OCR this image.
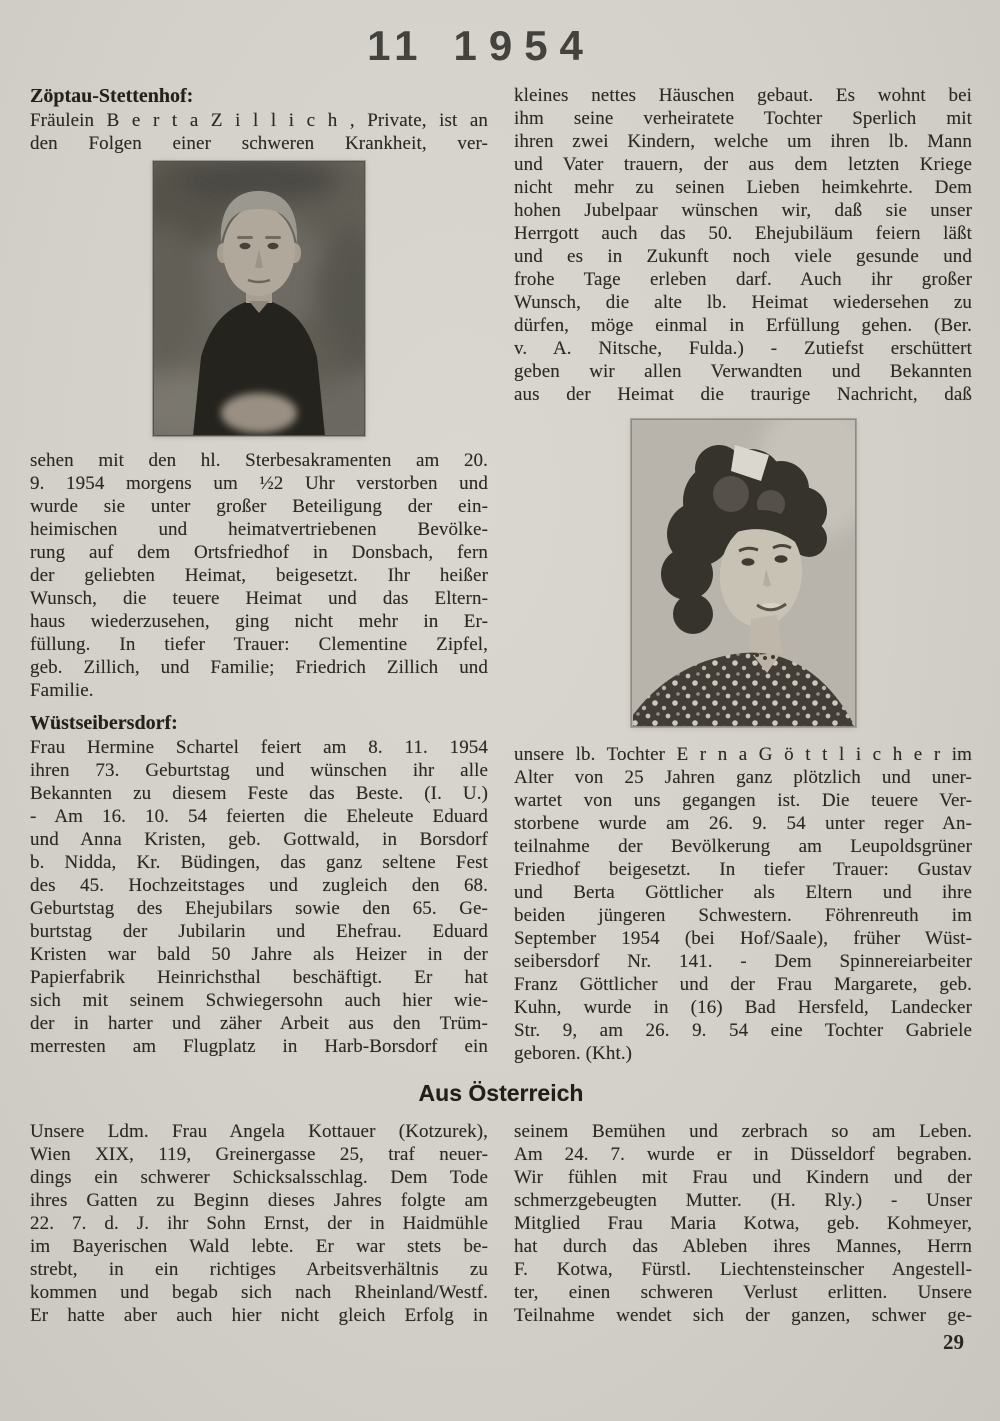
11 1954
Zöptau-Stettenhof:
Fräulein B e r t a Z i l l i c h , Private, ist an
den Folgen einer schweren Krankheit, ver-
sehen mit den hl. Sterbesakramenten am 20.
9. 1954 morgens um ½2 Uhr verstorben und
wurde sie unter großer Beteiligung der ein-
heimischen und heimatvertriebenen Bevölke-
rung auf dem Ortsfriedhof in Donsbach, fern
der geliebten Heimat, beigesetzt. Ihr heißer
Wunsch, die teuere Heimat und das Eltern-
haus wiederzusehen, ging nicht mehr in Er-
füllung. In tiefer Trauer: Clementine Zipfel,
geb. Zillich, und Familie; Friedrich Zillich und
Familie.
Wüstseibersdorf:
Frau Hermine Schartel feiert am 8. 11. 1954
ihren 73. Geburtstag und wünschen ihr alle
Bekannten zu diesem Feste das Beste. (I. U.)
- Am 16. 10. 54 feierten die Eheleute Eduard
und Anna Kristen, geb. Gottwald, in Borsdorf
b. Nidda, Kr. Büdingen, das ganz seltene Fest
des 45. Hochzeitstages und zugleich den 68.
Geburtstag des Ehejubilars sowie den 65. Ge-
burtstag der Jubilarin und Ehefrau. Eduard
Kristen war bald 50 Jahre als Heizer in der
Papierfabrik Heinrichsthal beschäftigt. Er hat
sich mit seinem Schwiegersohn auch hier wie-
der in harter und zäher Arbeit aus den Trüm-
merresten am Flugplatz in Harb-Borsdorf ein
kleines nettes Häuschen gebaut. Es wohnt bei
ihm seine verheiratete Tochter Sperlich mit
ihren zwei Kindern, welche um ihren lb. Mann
und Vater trauern, der aus dem letzten Kriege
nicht mehr zu seinen Lieben heimkehrte. Dem
hohen Jubelpaar wünschen wir, daß sie unser
Herrgott auch das 50. Ehejubiläum feiern läßt
und es in Zukunft noch viele gesunde und
frohe Tage erleben darf. Auch ihr großer
Wunsch, die alte lb. Heimat wiedersehen zu
dürfen, möge einmal in Erfüllung gehen. (Ber.
v. A. Nitsche, Fulda.) - Zutiefst erschüttert
geben wir allen Verwandten und Bekannten
aus der Heimat die traurige Nachricht, daß
unsere lb. Tochter E r n a G ö t t l i c h e r im
Alter von 25 Jahren ganz plötzlich und uner-
wartet von uns gegangen ist. Die teuere Ver-
storbene wurde am 26. 9. 54 unter reger An-
teilnahme der Bevölkerung am Leupoldsgrüner
Friedhof beigesetzt. In tiefer Trauer: Gustav
und Berta Göttlicher als Eltern und ihre
beiden jüngeren Schwestern. Föhrenreuth im
September 1954 (bei Hof/Saale), früher Wüst-
seibersdorf Nr. 141. - Dem Spinnereiarbeiter
Franz Göttlicher und der Frau Margarete, geb.
Kuhn, wurde in (16) Bad Hersfeld, Landecker
Str. 9, am 26. 9. 54 eine Tochter Gabriele
geboren. (Kht.)
Aus Österreich
Unsere Ldm. Frau Angela Kottauer (Kotzurek),
Wien XIX, 119, Greinergasse 25, traf neuer-
dings ein schwerer Schicksalsschlag. Dem Tode
ihres Gatten zu Beginn dieses Jahres folgte am
22. 7. d. J. ihr Sohn Ernst, der in Haidmühle
im Bayerischen Wald lebte. Er war stets be-
strebt, in ein richtiges Arbeitsverhältnis zu
kommen und begab sich nach Rheinland/Westf.
Er hatte aber auch hier nicht gleich Erfolg in
seinem Bemühen und zerbrach so am Leben.
Am 24. 7. wurde er in Düsseldorf begraben.
Wir fühlen mit Frau und Kindern und der
schmerzgebeugten Mutter. (H. Rly.) - Unser
Mitglied Frau Maria Kotwa, geb. Kohmeyer,
hat durch das Ableben ihres Mannes, Herrn
F. Kotwa, Fürstl. Liechtensteinscher Angestell-
ter, einen schweren Verlust erlitten. Unsere
Teilnahme wendet sich der ganzen, schwer ge-
29
